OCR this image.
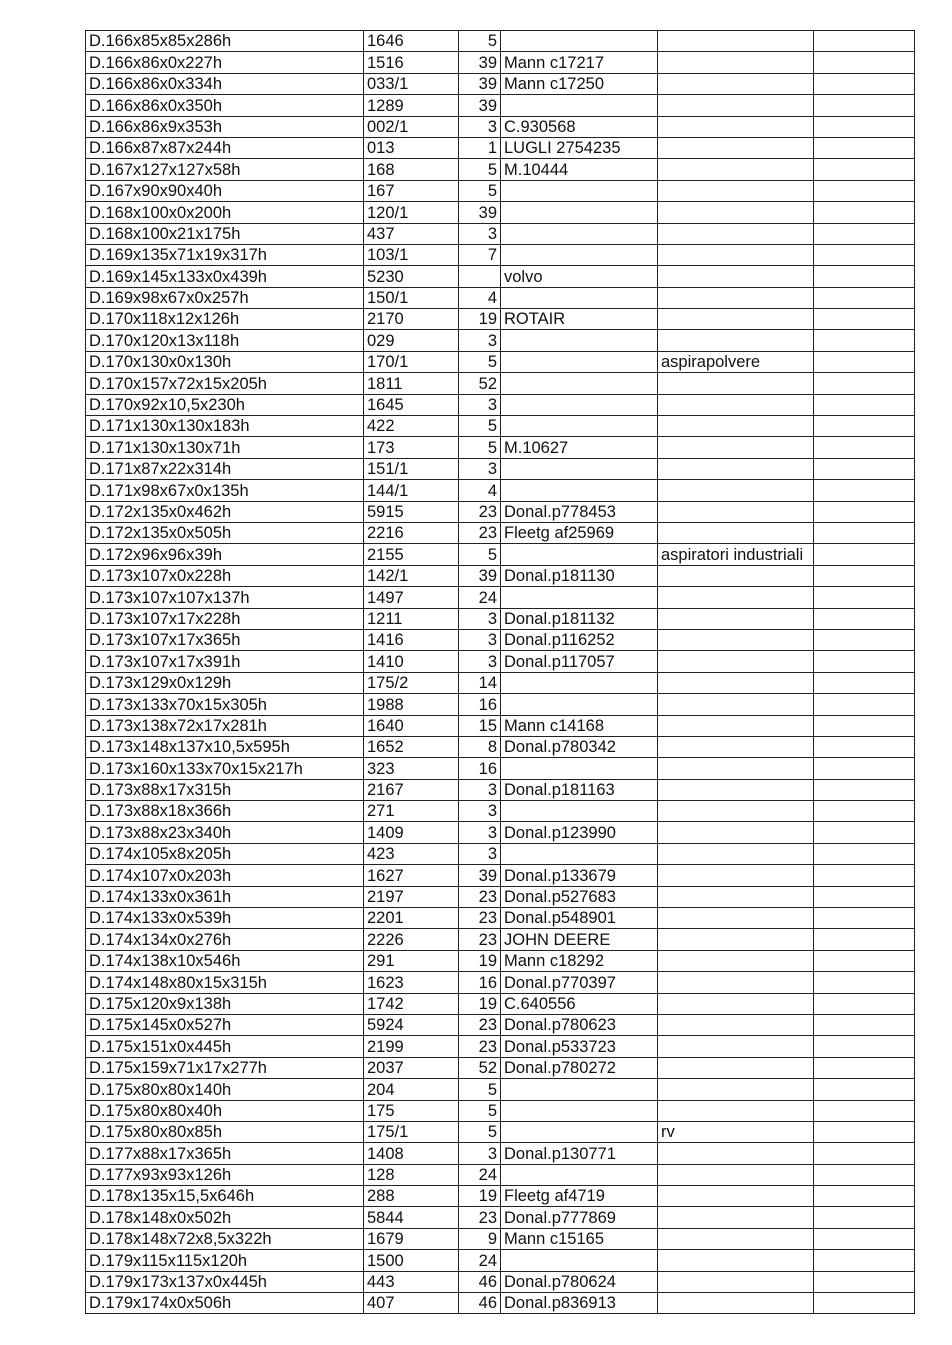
D.166x85x85x286h	1646	5			
D.166x86x0x227h	1516	39	Mann c17217		
D.166x86x0x334h	033/1	39	Mann c17250		
D.166x86x0x350h	1289	39			
D.166x86x9x353h	002/1	3	C.930568		
D.166x87x87x244h	013	1	LUGLI 2754235		
D.167x127x127x58h	168	5	M.10444		
D.167x90x90x40h	167	5			
D.168x100x0x200h	120/1	39			
D.168x100x21x175h	437	3			
D.169x135x71x19x317h	103/1	7			
D.169x145x133x0x439h	5230		volvo		
D.169x98x67x0x257h	150/1	4			
D.170x118x12x126h	2170	19	ROTAIR		
D.170x120x13x118h	029	3			
D.170x130x0x130h	170/1	5		aspirapolvere	
D.170x157x72x15x205h	1811	52			
D.170x92x10,5x230h	1645	3			
D.171x130x130x183h	422	5			
D.171x130x130x71h	173	5	M.10627		
D.171x87x22x314h	151/1	3			
D.171x98x67x0x135h	144/1	4			
D.172x135x0x462h	5915	23	Donal.p778453		
D.172x135x0x505h	2216	23	Fleetg af25969		
D.172x96x96x39h	2155	5		aspiratori industriali	
D.173x107x0x228h	142/1	39	Donal.p181130		
D.173x107x107x137h	1497	24			
D.173x107x17x228h	1211	3	Donal.p181132		
D.173x107x17x365h	1416	3	Donal.p116252		
D.173x107x17x391h	1410	3	Donal.p117057		
D.173x129x0x129h	175/2	14			
D.173x133x70x15x305h	1988	16			
D.173x138x72x17x281h	1640	15	Mann c14168		
D.173x148x137x10,5x595h	1652	8	Donal.p780342		
D.173x160x133x70x15x217h	323	16			
D.173x88x17x315h	2167	3	Donal.p181163		
D.173x88x18x366h	271	3			
D.173x88x23x340h	1409	3	Donal.p123990		
D.174x105x8x205h	423	3			
D.174x107x0x203h	1627	39	Donal.p133679		
D.174x133x0x361h	2197	23	Donal.p527683		
D.174x133x0x539h	2201	23	Donal.p548901		
D.174x134x0x276h	2226	23	JOHN DEERE		
D.174x138x10x546h	291	19	Mann c18292		
D.174x148x80x15x315h	1623	16	Donal.p770397		
D.175x120x9x138h	1742	19	C.640556		
D.175x145x0x527h	5924	23	Donal.p780623		
D.175x151x0x445h	2199	23	Donal.p533723		
D.175x159x71x17x277h	2037	52	Donal.p780272		
D.175x80x80x140h	204	5			
D.175x80x80x40h	175	5			
D.175x80x80x85h	175/1	5		rv	
D.177x88x17x365h	1408	3	Donal.p130771		
D.177x93x93x126h	128	24			
D.178x135x15,5x646h	288	19	Fleetg af4719		
D.178x148x0x502h	5844	23	Donal.p777869		
D.178x148x72x8,5x322h	1679	9	Mann c15165		
D.179x115x115x120h	1500	24			
D.179x173x137x0x445h	443	46	Donal.p780624		
D.179x174x0x506h	407	46	Donal.p836913		
